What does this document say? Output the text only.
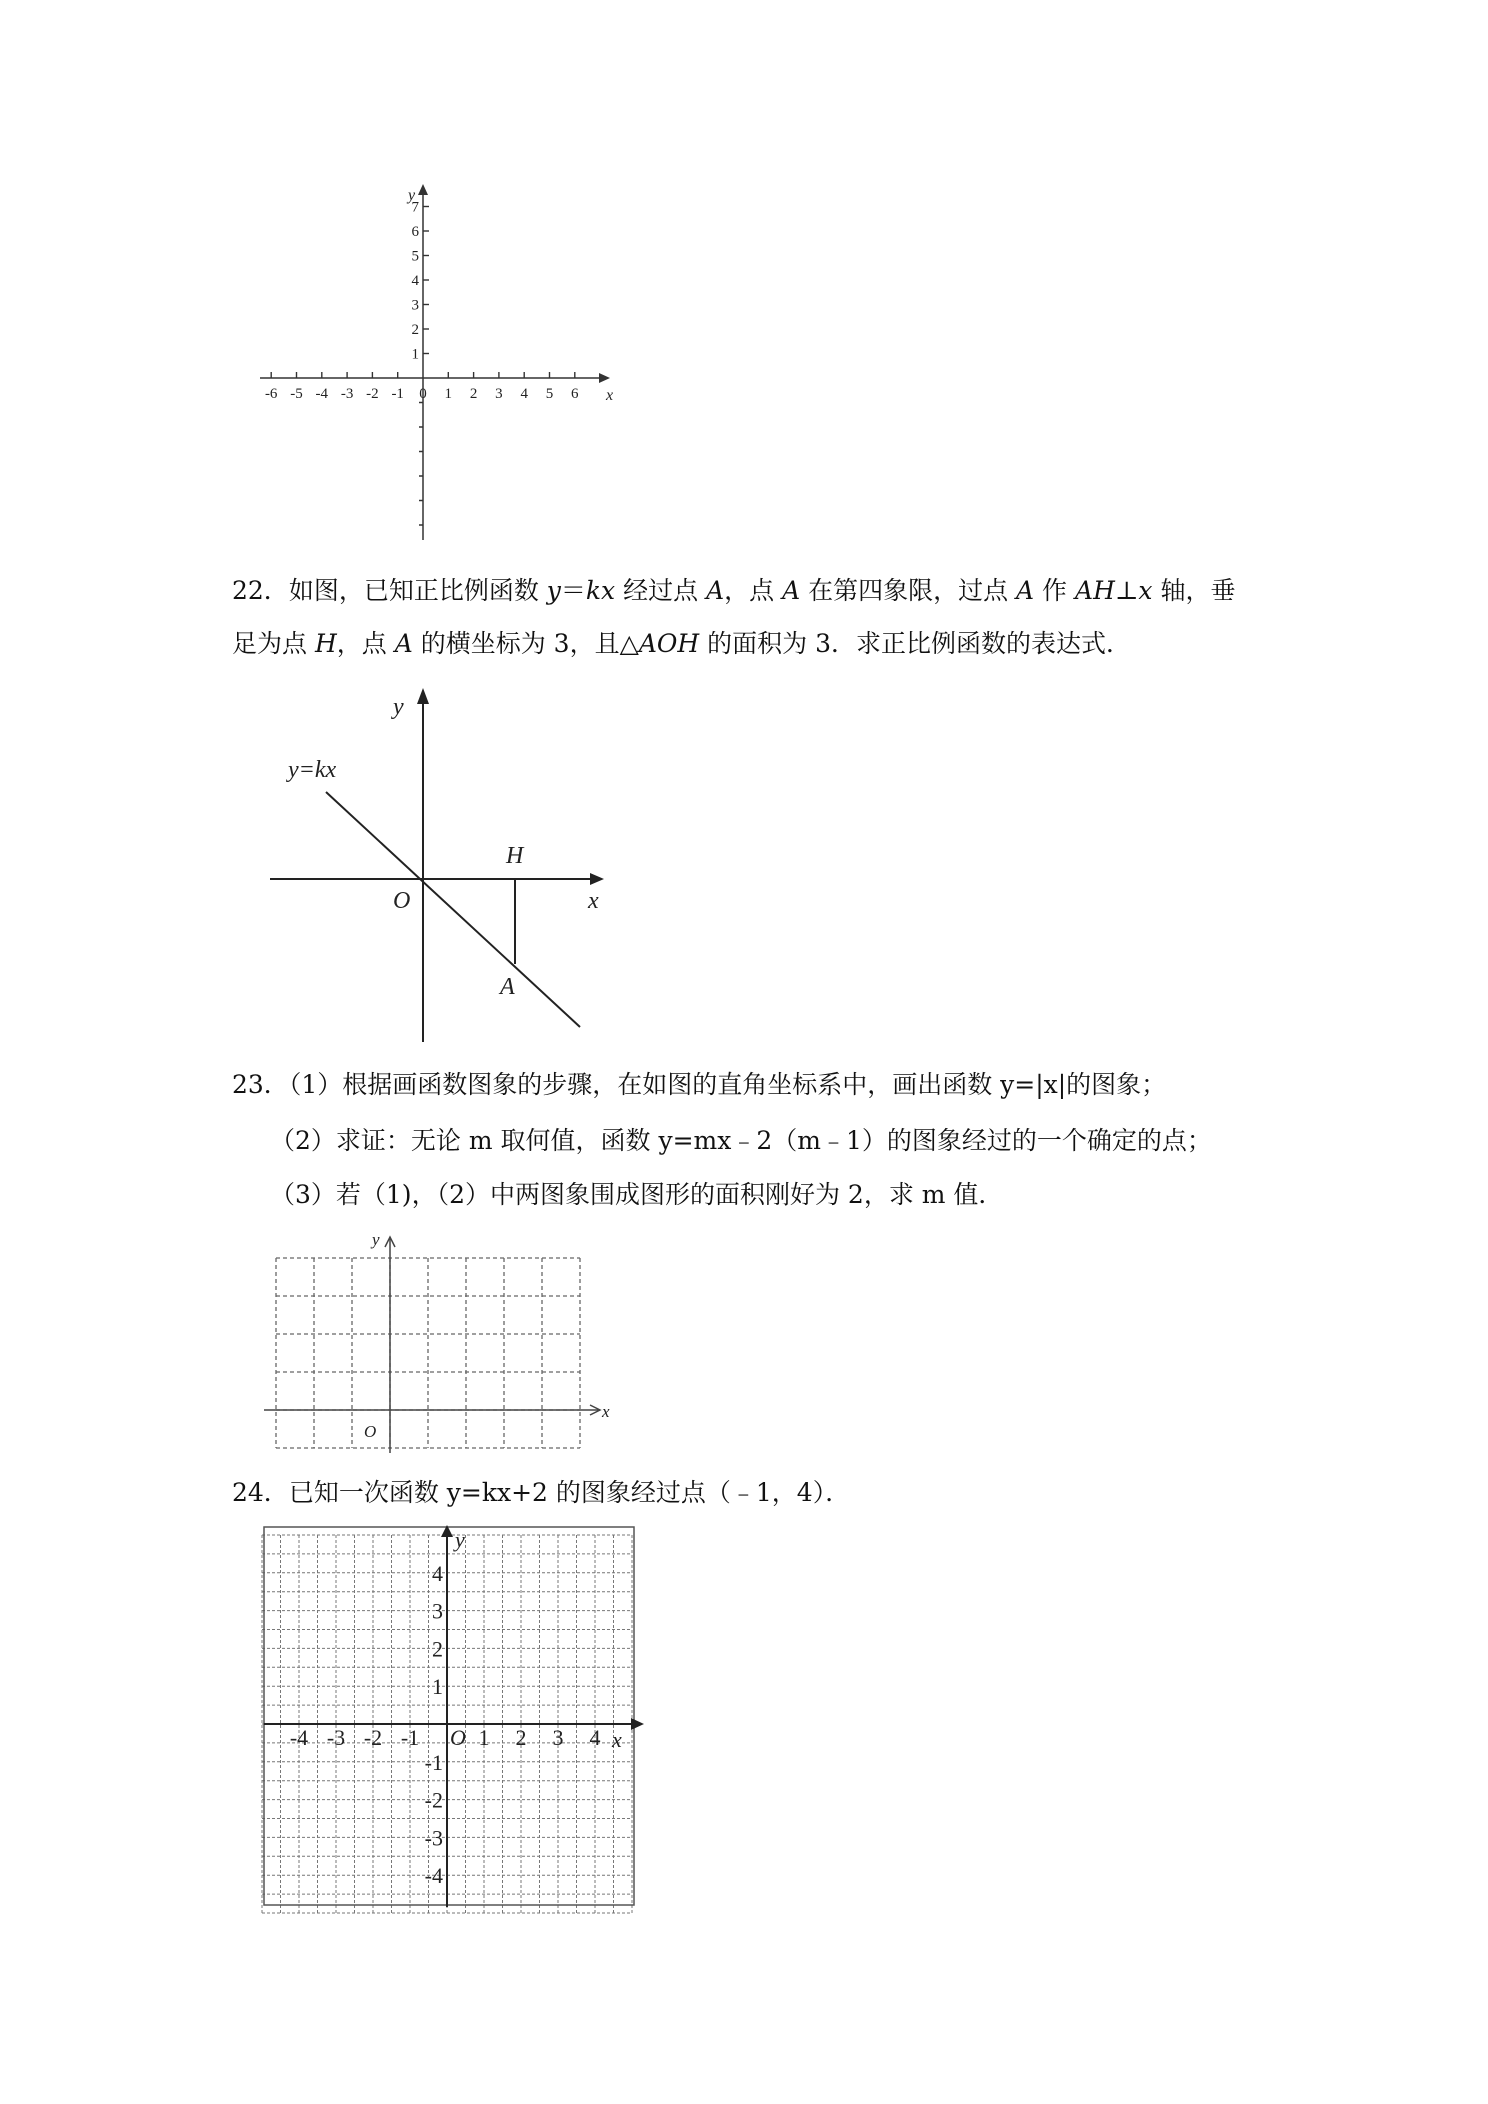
-6 -5 -4 -3 -2 -1 0 1 2 3 4 5 6
1
2
3
4
5
6
7
x
y
22．如图，已知正比例函数 y＝kx 经过点 A，点 A 在第四象限，过点 A 作 AH⊥x 轴，垂
足为点 H，点 A 的横坐标为 3，且△AOH 的面积为 3．求正比例函数的表达式．
y=kx
y
x
O
H
A
23．（1）根据画函数图象的步骤，在如图的直角坐标系中，画出函数 y=|x|的图象；
（2）求证：无论 m 取何值，函数 y=mx﹣2（m﹣1）的图象经过的一个确定的点；
（3）若（1)，（2）中两图象围成图形的面积刚好为 2，求 m 值．
y
x
O
24．已知一次函数 y=kx+2 的图象经过点（﹣1，4）．
-4 -3 -2 -1	1 2 3 4
4
3
2
1
-1
-2
-3
-4
y
x
O
